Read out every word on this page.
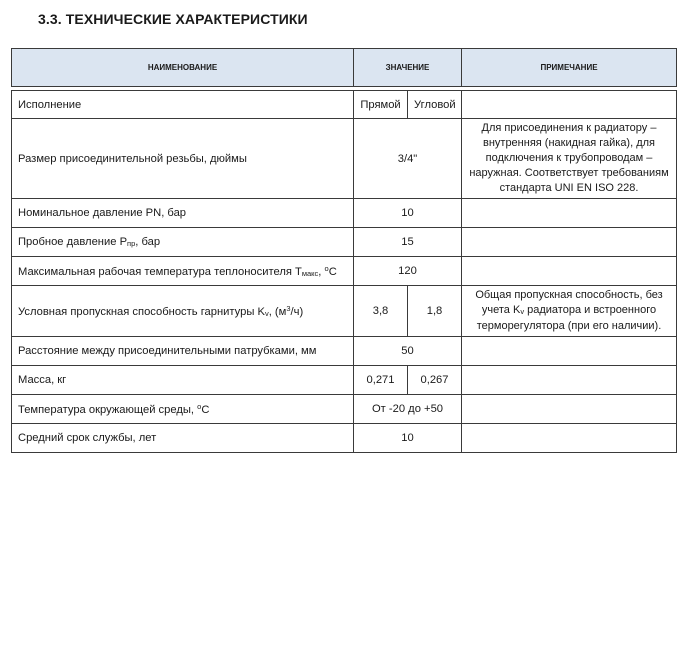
3.3. ТЕХНИЧЕСКИЕ ХАРАКТЕРИСТИКИ
НАИМЕНОВАНИЕ	ЗНАЧЕНИЕ		ПРИМЕЧАНИЕ

Исполнение	Прямой	Угловой	
Размер присоединительной резьбы, дюймы	3/4"		Для присоединения к радиатору – внутренняя (накидная гайка), для подключения к трубопроводам – наружная. Соответствует требованиям стандарта UNI EN ISO 228.
Номинальное давление PN, бар	10		
Пробное давление $P_{пр}$, бар	15		
Максимальная рабочая температура теплоносителя $T_{макс}$, $^o$C	120		
Условная пропускная способность гарнитуры $K_v$, $(м^3/ч)$	3,8	1,8	Общая пропускная способность, без учета $K_v$ радиатора и встроенного терморегулятора (при его наличии).
Расстояние между присоединительными патрубками, мм	50		
Масса, кг	0,271	0,267	
Температура окружающей среды, $^o$C	От -20 до +50		
Средний срок службы, лет	10		
